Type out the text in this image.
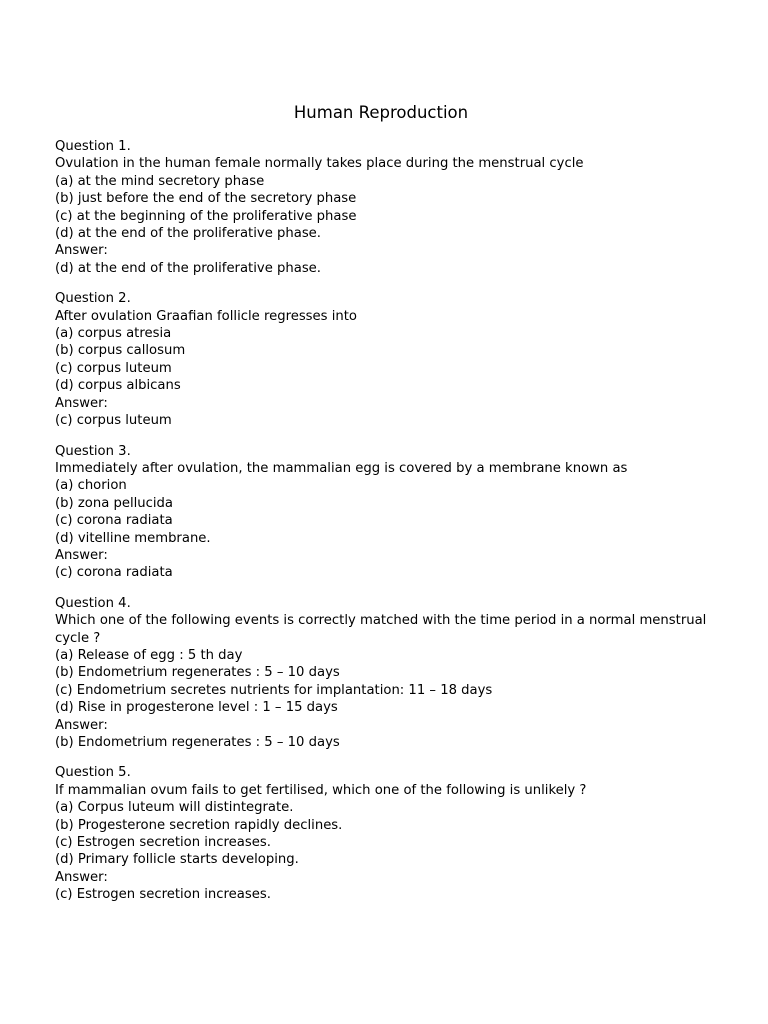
Human Reproduction
Question 1.
Ovulation in the human female normally takes place during the menstrual cycle
(a) at the mind secretory phase
(b) just before the end of the secretory phase
(c) at the beginning of the proliferative phase
(d) at the end of the proliferative phase.
Answer:
(d) at the end of the proliferative phase.
Question 2.
After ovulation Graafian follicle regresses into
(a) corpus atresia
(b) corpus callosum
(c) corpus luteum
(d) corpus albicans
Answer:
(c) corpus luteum
Question 3.
Immediately after ovulation, the mammalian egg is covered by a membrane known as
(a) chorion
(b) zona pellucida
(c) corona radiata
(d) vitelline membrane.
Answer:
(c) corona radiata
Question 4.
Which one of the following events is correctly matched with the time period in a normal menstrual cycle ?
(a) Release of egg : 5 th day
(b) Endometrium regenerates : 5 – 10 days
(c) Endometrium secretes nutrients for implantation: 11 – 18 days
(d) Rise in progesterone level : 1 – 15 days
Answer:
(b) Endometrium regenerates : 5 – 10 days
Question 5.
If mammalian ovum fails to get fertilised, which one of the following is unlikely ?
(a) Corpus luteum will distintegrate.
(b) Progesterone secretion rapidly declines.
(c) Estrogen secretion increases.
(d) Primary follicle starts developing.
Answer:
(c) Estrogen secretion increases.
